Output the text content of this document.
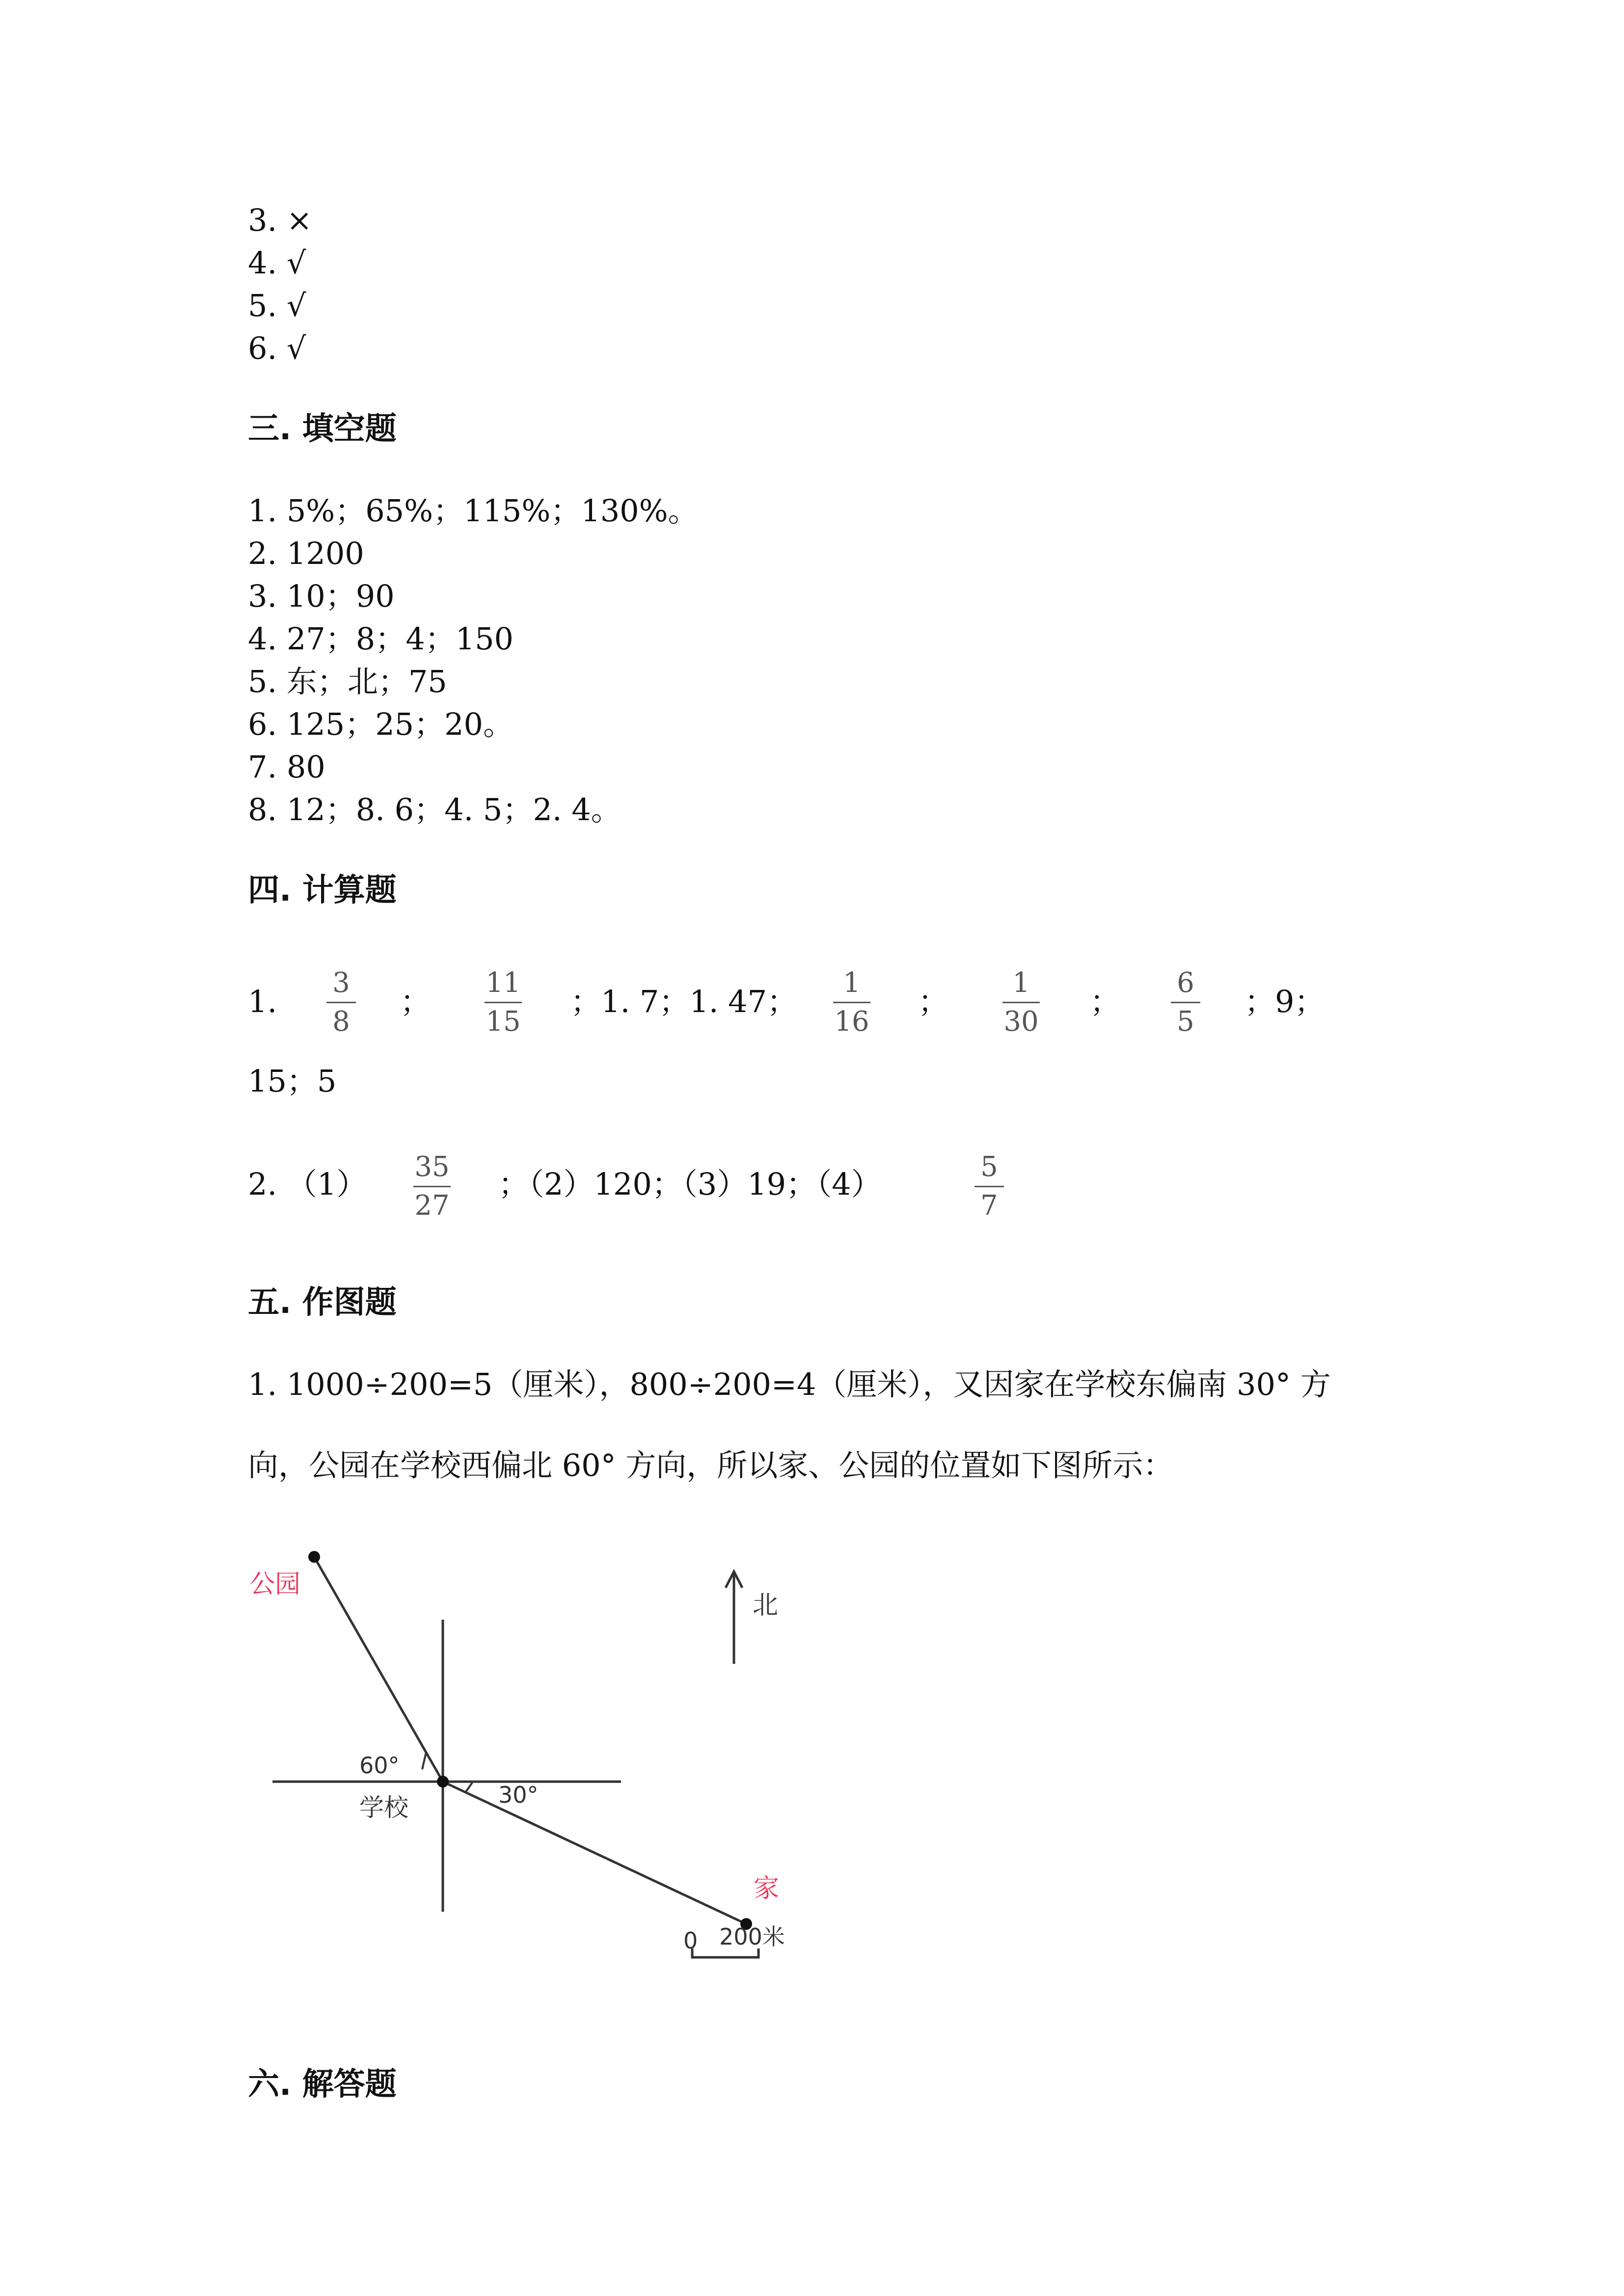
3. ×
4. √
5. √
6. √
三. 填空题
1. 5%；65%；115%；130%。
2. 1200
3. 10；90
4. 27；8；4；150
5. 东；北；75
6. 125；25；20。
7. 80
8. 12；8. 6；4. 5；2. 4。
四. 计算题
1.
3
8
；
11
15
；1. 7；1. 47；
1
16
；
1
30
；
6
5
；9；
15；5
2. （1）	35
27
；（2）120；（3）19；（4）	5
7
五. 作图题
1. 1000÷200=5（厘米），800÷200=4（厘米），又因家在学校东偏南 30° 方
向，公园在学校西偏北 60° 方向，所以家、公园的位置如下图所示：
公园
60°
学校	30°
北
家
0 200米
六. 解答题
